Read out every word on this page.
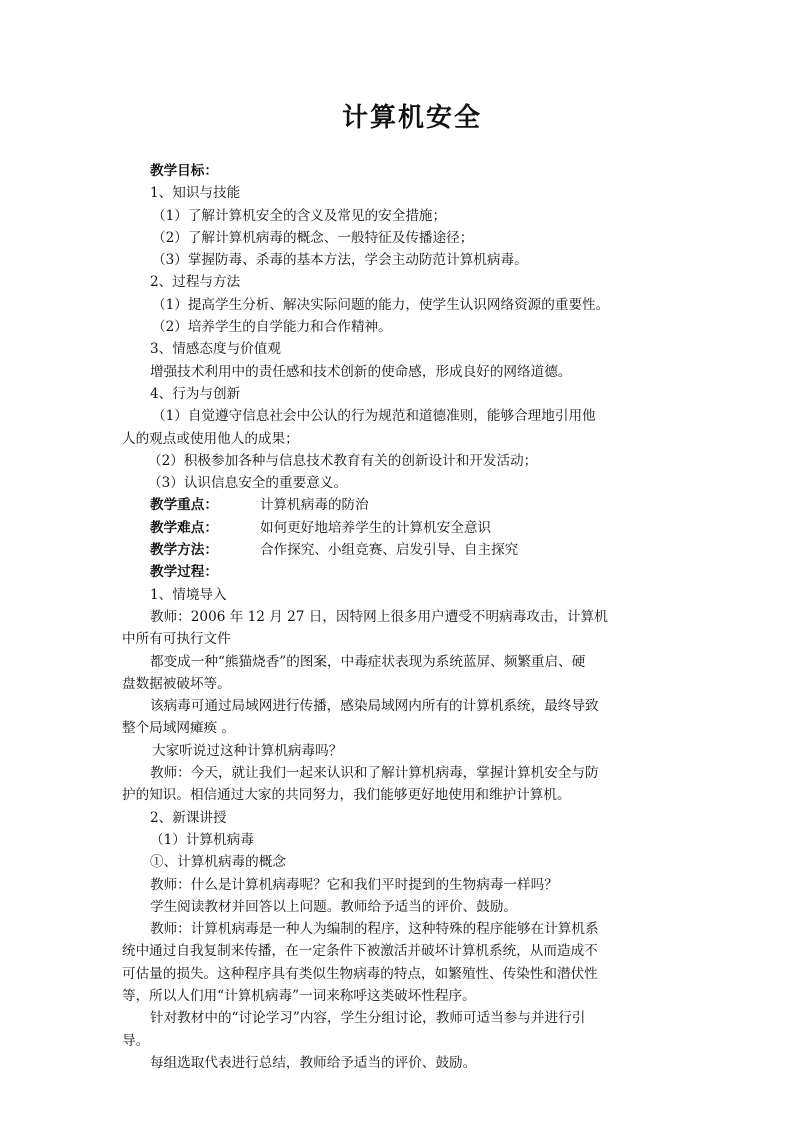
计算机安全
教学目标：
1、知识与技能
（1）了解计算机安全的含义及常见的安全措施；
（2）了解计算机病毒的概念、一般特征及传播途径；
（3）掌握防毒、杀毒的基本方法，学会主动防范计算机病毒。
2、过程与方法
（1）提高学生分析、解决实际问题的能力，使学生认识网络资源的重要性。
（2）培养学生的自学能力和合作精神。
3、情感态度与价值观
增强技术利用中的责任感和技术创新的使命感，形成良好的网络道德。
4、行为与创新
（1）自觉遵守信息社会中公认的行为规范和道德准则，能够合理地引用他
人的观点或使用他人的成果；
（2）积极参加各种与信息技术教育有关的创新设计和开发活动；
（3）认识信息安全的重要意义。
教学重点：	计算机病毒的防治
教学难点：	如何更好地培养学生的计算机安全意识
教学方法：	合作探究、小组竞赛、启发引导、自主探究
教学过程：
1、情境导入
教师：2006 年 12 月 27 日，因特网上很多用户遭受不明病毒攻击，计算机
中所有可执行文件
都变成一种“熊猫烧香”的图案，中毒症状表现为系统蓝屏、频繁重启、硬
盘数据被破坏等。
该病毒可通过局域网进行传播，感染局域网内所有的计算机系统，最终导致
整个局域网瘫痪 。
大家听说过这种计算机病毒吗？
教师：今天，就让我们一起来认识和了解计算机病毒，掌握计算机安全与防
护的知识。相信通过大家的共同努力，我们能够更好地使用和维护计算机。
2、新课讲授
（1）计算机病毒
①、计算机病毒的概念
教师：什么是计算机病毒呢？它和我们平时提到的生物病毒一样吗？
学生阅读教材并回答以上问题。教师给予适当的评价、鼓励。
教师：计算机病毒是一种人为编制的程序，这种特殊的程序能够在计算机系
统中通过自我复制来传播，在一定条件下被激活并破坏计算机系统，从而造成不
可估量的损失。这种程序具有类似生物病毒的特点，如繁殖性、传染性和潜伏性
等，所以人们用“计算机病毒”一词来称呼这类破坏性程序。
针对教材中的“讨论学习”内容，学生分组讨论，教师可适当参与并进行引
导。
每组选取代表进行总结，教师给予适当的评价、鼓励。
